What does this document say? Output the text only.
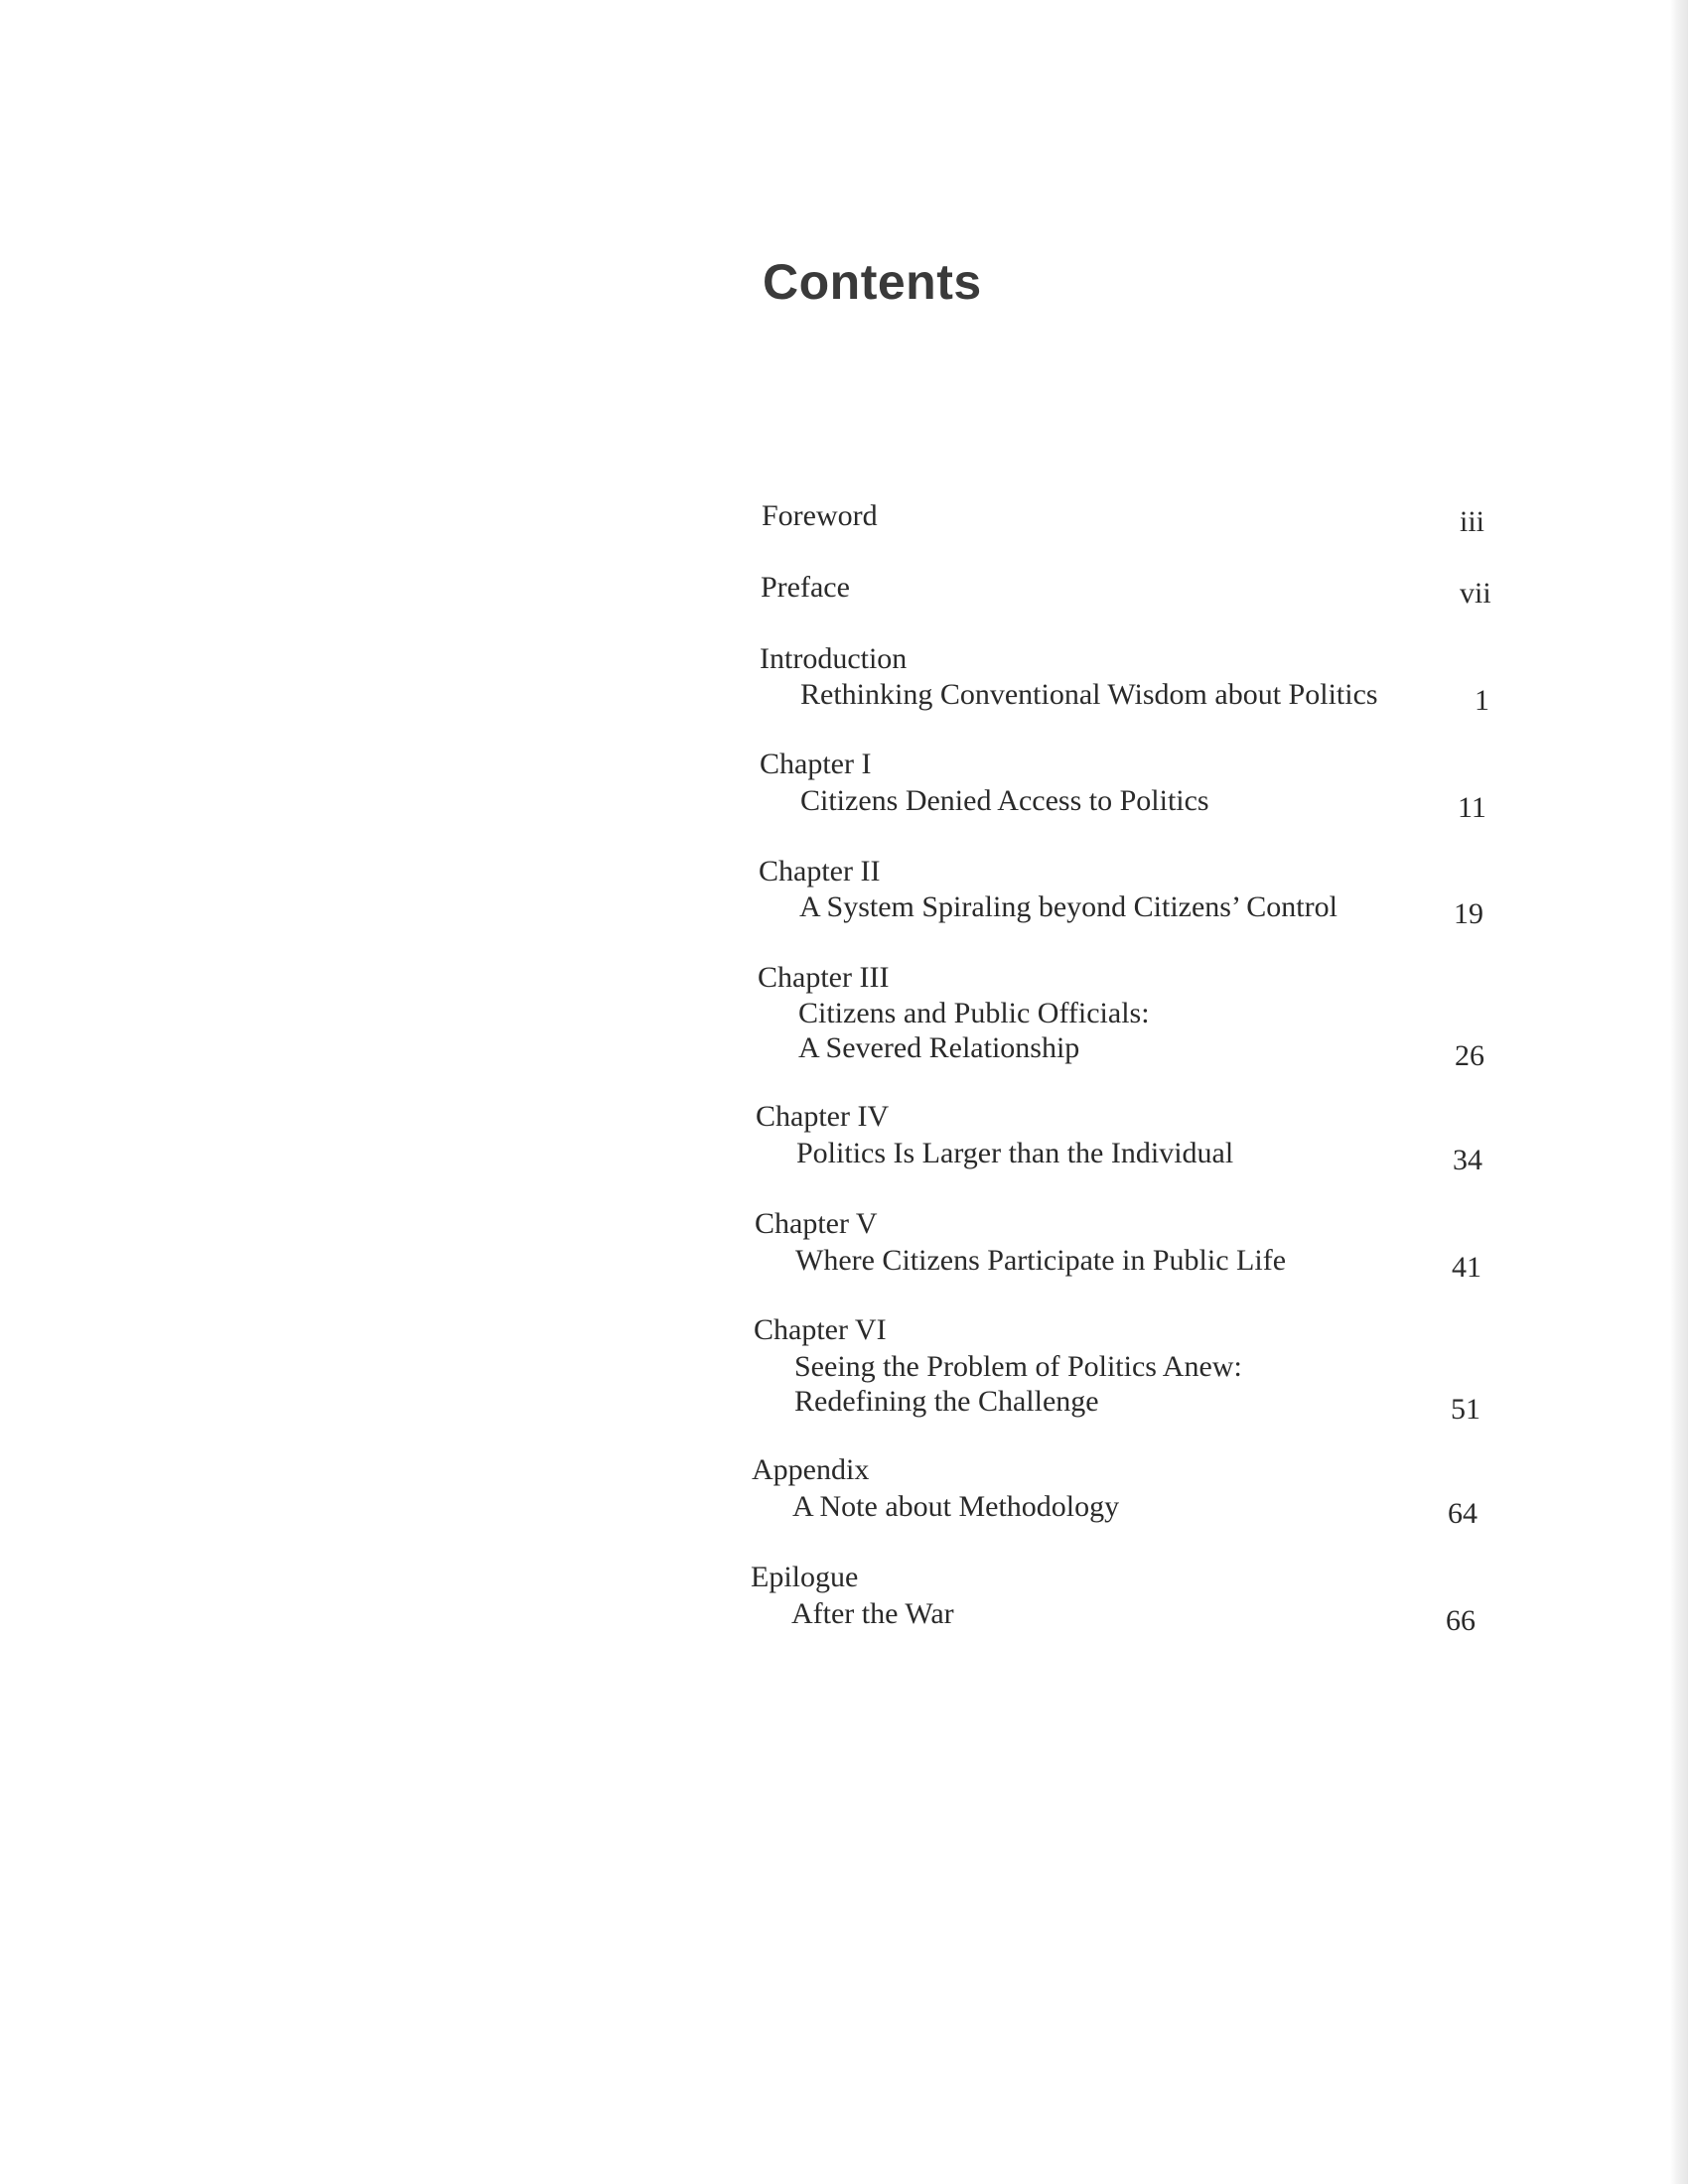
Contents
Foreword	iii
Preface	vii
Introduction
Rethinking Conventional Wisdom about Politics	1
Chapter I
Citizens Denied Access to Politics	11
Chapter II
A System Spiraling beyond Citizens’ Control	19
Chapter III
Citizens and Public Officials:
A Severed Relationship	26
Chapter IV
Politics Is Larger than the Individual	34
Chapter V
Where Citizens Participate in Public Life	41
Chapter VI
Seeing the Problem of Politics Anew:
Redefining the Challenge	51
Appendix
A Note about Methodology	64
Epilogue
After the War	66
